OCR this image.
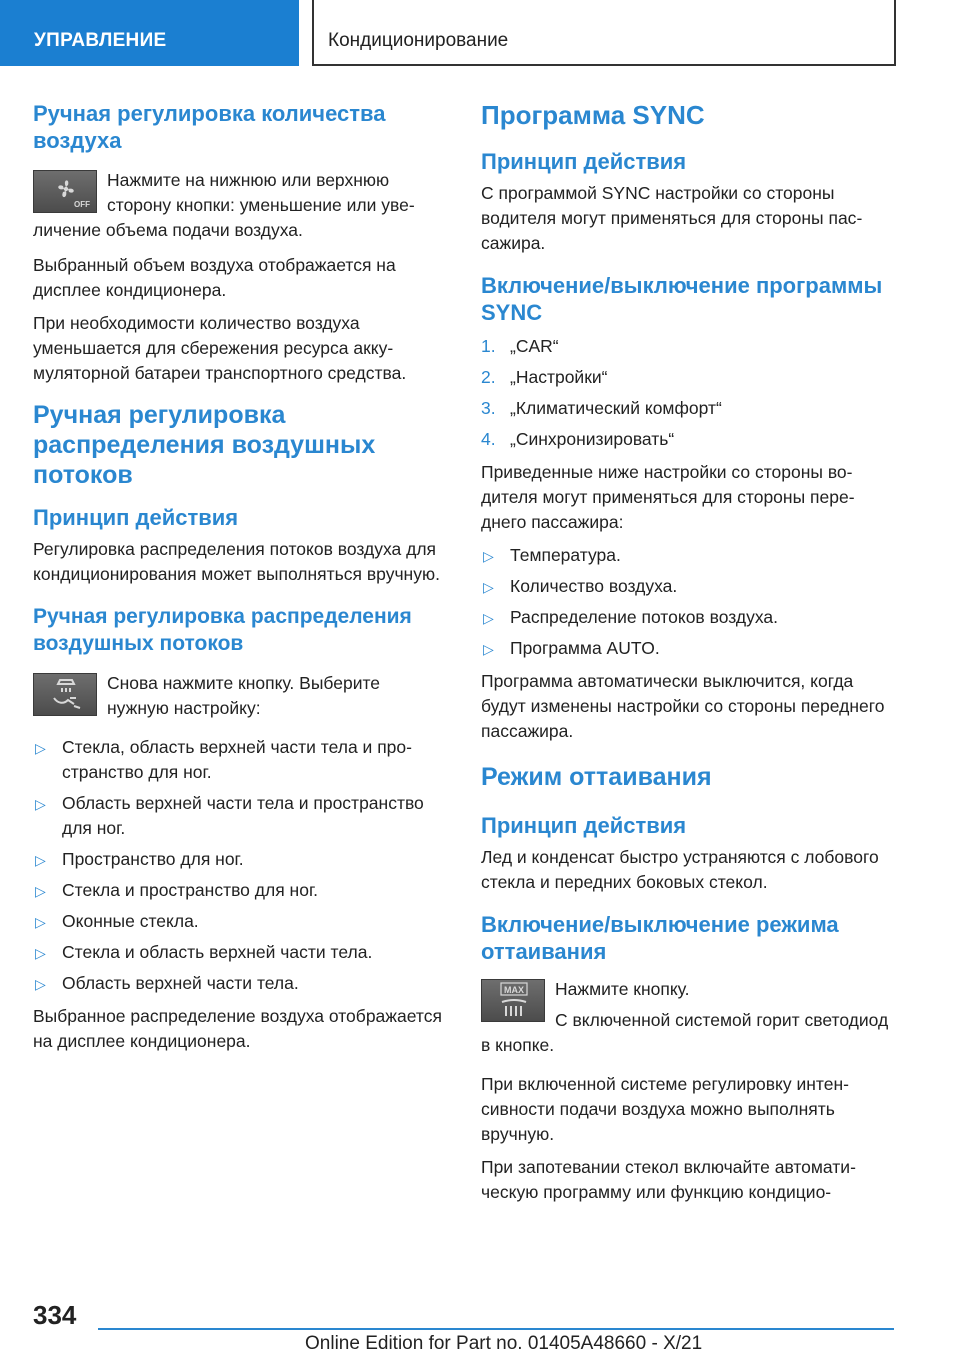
УПРАВЛЕНИЕ	Кондиционирование
Ручная регулировка количества воздуха
OFF

Нажмите на нижнюю или верхнюю сторону кнопки: уменьшение или увеличение объема подачи воздуха.

Выбранный объем воздуха отображается на дисплее кондиционера.

При необходимости количество воздуха уменьшается для сбережения ресурса аккумуляторной батареи транспортного средства.

Ручная регулировка распределения воздушных потоков
Принцип действия

Регулировка распределения потоков воздуха для кондиционирования может выполняться вручную.

Ручная регулировка распределения воздушных потоков

Снова нажмите кнопку. Выберите нужную настройку:

▷ Стекла, область верхней части тела и пространство для ног.
▷ Область верхней части тела и пространство для ног.
▷ Пространство для ног.
▷ Стекла и пространство для ног.
▷ Оконные стекла.
▷ Стекла и область верхней части тела.
▷ Область верхней части тела.

Выбранное распределение воздуха отображается на дисплее кондиционера.

Программа SYNC
Принцип действия

С программой SYNC настройки со стороны водителя могут применяться для стороны пассажира.

Включение/выключение программы SYNC
1. „CAR“
2. „Настройки“
3. „Климатический комфорт“
4. „Синхронизировать“

Приведенные ниже настройки со стороны водителя могут применяться для стороны переднего пассажира:

▷ Температура.
▷ Количество воздуха.
▷ Распределение потоков воздуха.
▷ Программа AUTO.

Программа автоматически выключится, когда будут изменены настройки со стороны переднего пассажира.

Режим оттаивания
Принцип действия

Лед и конденсат быстро устраняются с лобового стекла и передних боковых стекол.

Включение/выключение режима оттаивания
MAX	Нажмите кнопку.

С включенной системой горит светодиод в кнопке.

При включенной системе регулировку интенсивности подачи воздуха можно выполнять вручную.

При запотевании стекол включайте автоматическую программу или функцию кондицио-

334
Online Edition for Part no. 01405A48660 - X/21
